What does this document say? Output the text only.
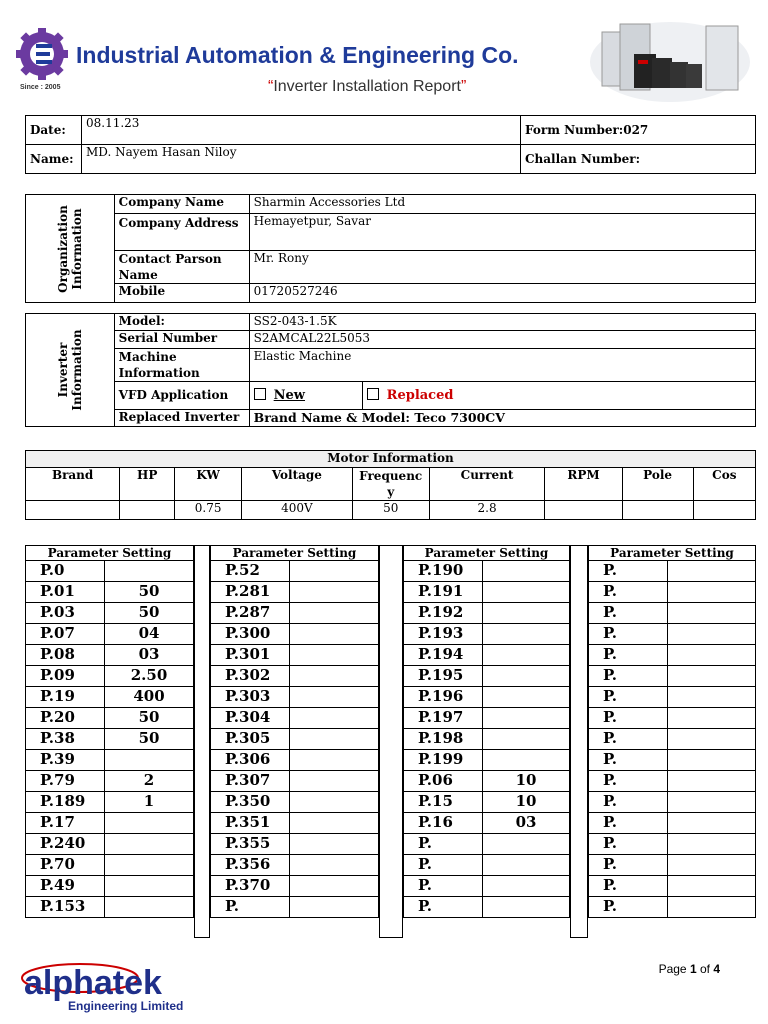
Since : 2005
Industrial Automation & Engineering Co.
“Inverter Installation Report”
Date:	08.11.23	Form Number:027
Name:	MD. Nayem Hasan Niloy	Challan Number:
Organization
Information	Company Name	Sharmin Accessories Ltd	
	Company Address	Hemayetpur, Savar	
	Contact Parson Name	Mr. Rony	
	Mobile	01720527246	

Inverter
Information	Model:	SS2-043-1.5K	
	Serial Number	S2AMCAL22L5053	
	Machine Information	Elastic Machine	
	VFD Application	New	Replaced
	Replaced Inverter	Brand Name & Model: Teco 7300CV	
Motor Information								
Brand	HP	KW	Voltage	Frequency	Current	RPM	Pole	Cos
		0.75	400V	50	2.8			
Parameter Setting	
P.0	
P.01	50
P.03	50
P.07	04
P.08	03
P.09	2.50
P.19	400
P.20	50
P.38	50
P.39	
P.79	2
P.189	1
P.17	
P.240	
P.70	
P.49	
P.153	
Parameter Setting	
P.52	
P.281	
P.287	
P.300	
P.301	
P.302	
P.303	
P.304	
P.305	
P.306	
P.307	
P.350	
P.351	
P.355	
P.356	
P.370	
P.	
Parameter Setting	
P.190	
P.191	
P.192	
P.193	
P.194	
P.195	
P.196	
P.197	
P.198	
P.199	
P.06	10
P.15	10
P.16	03
P.	
P.	
P.	
P.	
Parameter Setting	
P.	
P.	
P.	
P.	
P.	
P.	
P.	
P.	
P.	
P.	
P.	
P.	
P.	
P.	
P.	
P.	
P.	
alphatek
Engineering Limited
Page 1 of 4
